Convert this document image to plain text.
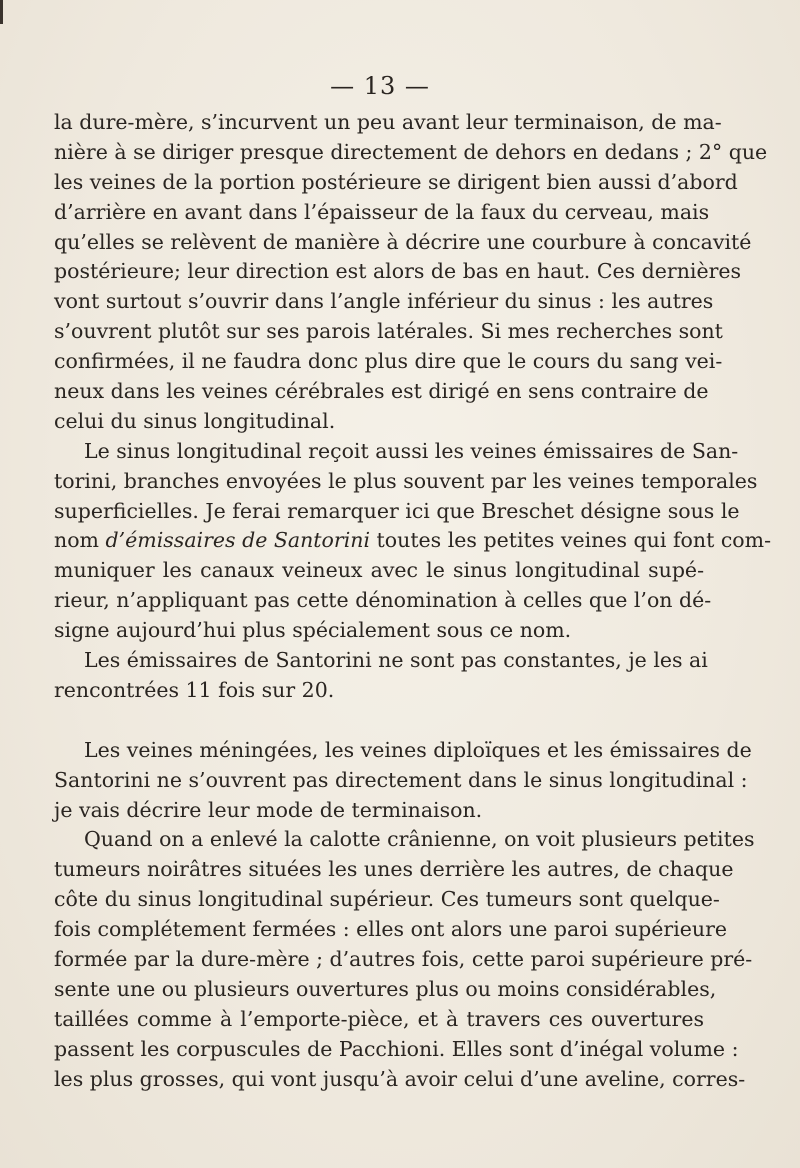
— 13 —
la dure-mère, s’incurvent un peu avant leur terminaison, de ma-
nière à se diriger presque directement de dehors en dedans ; 2° que
les veines de la portion postérieure se dirigent bien aussi d’abord
d’arrière en avant dans l’épaisseur de la faux du cerveau, mais
qu’elles se relèvent de manière à décrire une courbure à concavité
postérieure; leur direction est alors de bas en haut. Ces dernières
vont surtout s’ouvrir dans l’angle inférieur du sinus : les autres
s’ouvrent plutôt sur ses parois latérales. Si mes recherches sont
confirmées, il ne faudra donc plus dire que le cours du sang vei-
neux dans les veines cérébrales est dirigé en sens contraire de
celui du sinus longitudinal.
Le sinus longitudinal reçoit aussi les veines émissaires de San-
torini, branches envoyées le plus souvent par les veines temporales
superficielles. Je ferai remarquer ici que Breschet désigne sous le
nom d’émissaires de Santorini toutes les petites veines qui font com-
muniquer les canaux veineux avec le sinus longitudinal supé-
rieur, n’appliquant pas cette dénomination à celles que l’on dé-
signe aujourd’hui plus spécialement sous ce nom.
Les émissaires de Santorini ne sont pas constantes, je les ai
rencontrées 11 fois sur 20.
Les veines méningées, les veines diploïques et les émissaires de
Santorini ne s’ouvrent pas directement dans le sinus longitudinal :
je vais décrire leur mode de terminaison.
Quand on a enlevé la calotte crânienne, on voit plusieurs petites
tumeurs noirâtres situées les unes derrière les autres, de chaque
côte du sinus longitudinal supérieur. Ces tumeurs sont quelque-
fois complétement fermées : elles ont alors une paroi supérieure
formée par la dure-mère ; d’autres fois, cette paroi supérieure pré-
sente une ou plusieurs ouvertures plus ou moins considérables,
taillées comme à l’emporte-pièce, et à travers ces ouvertures
passent les corpuscules de Pacchioni. Elles sont d’inégal volume :
les plus grosses, qui vont jusqu’à avoir celui d’une aveline, corres-
